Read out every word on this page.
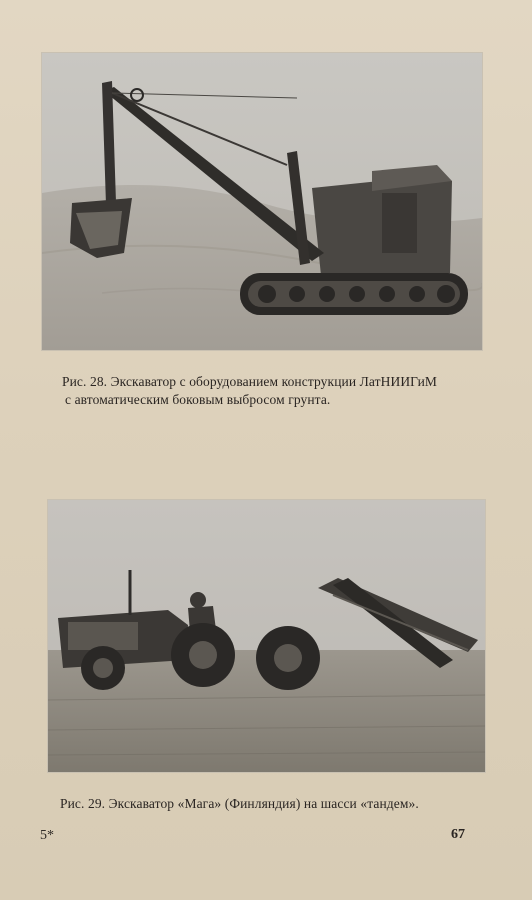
Рис. 28. Экскаватор с оборудованием конструкции ЛатНИИГиМ
с автоматическим боковым выбросом грунта.
Рис. 29. Экскаватор «Мага» (Финляндия) на шасси «тандем».
5*	67
